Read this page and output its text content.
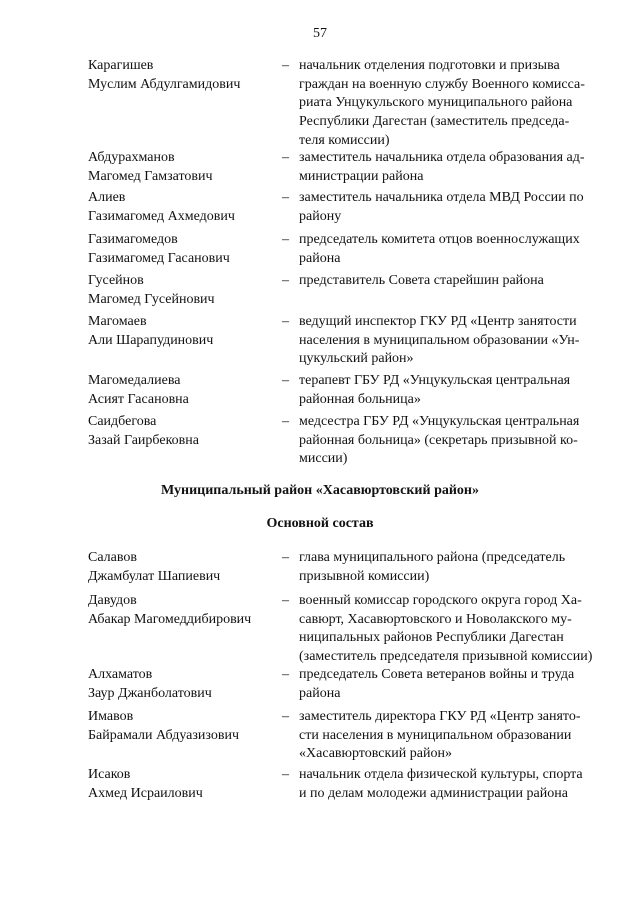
57
Карагишев
Муслим Абдулгамидович
– начальник отделения подготовки и призыва
граждан на военную службу Военного комисса-
риата Унцукульского муниципального района
Республики Дагестан (заместитель председа-
теля комиссии)
Абдурахманов
Магомед Гамзатович
– заместитель начальника отдела образования ад-
министрации района
Алиев
Газимагомед Ахмедович
– заместитель начальника отдела МВД России по
району
Газимагомедов
Газимагомед Гасанович
– председатель комитета отцов военнослужащих
района
Гусейнов
Магомед Гусейнович
– представитель Совета старейшин района
Магомаев
Али Шарапудинович
– ведущий инспектор ГКУ РД «Центр занятости
населения в муниципальном образовании «Ун-
цукульский район»
Магомедалиева
Асият Гасановна
– терапевт ГБУ РД «Унцукульская центральная
районная больница»
Саидбегова
Зазай Гаирбековна
– медсестра ГБУ РД «Унцукульская центральная
районная больница» (секретарь призывной ко-
миссии)
Муниципальный район «Хасавюртовский район»
Основной состав
Салавов
Джамбулат Шапиевич
– глава муниципального района (председатель
призывной комиссии)
Давудов
Абакар Магомеддибирович
– военный комиссар городского округа город Ха-
савюрт, Хасавюртовского и Новолакского му-
ниципальных районов Республики Дагестан
(заместитель председателя призывной комиссии)
Алхаматов
Заур Джанболатович
– председатель Совета ветеранов войны и труда
района
Имавов
Байрамали Абдуазизович
– заместитель директора ГКУ РД «Центр занято-
сти населения в муниципальном образовании
«Хасавюртовский район»
Исаков
Ахмед Исраилович
– начальник отдела физической культуры, спорта
и по делам молодежи администрации района
